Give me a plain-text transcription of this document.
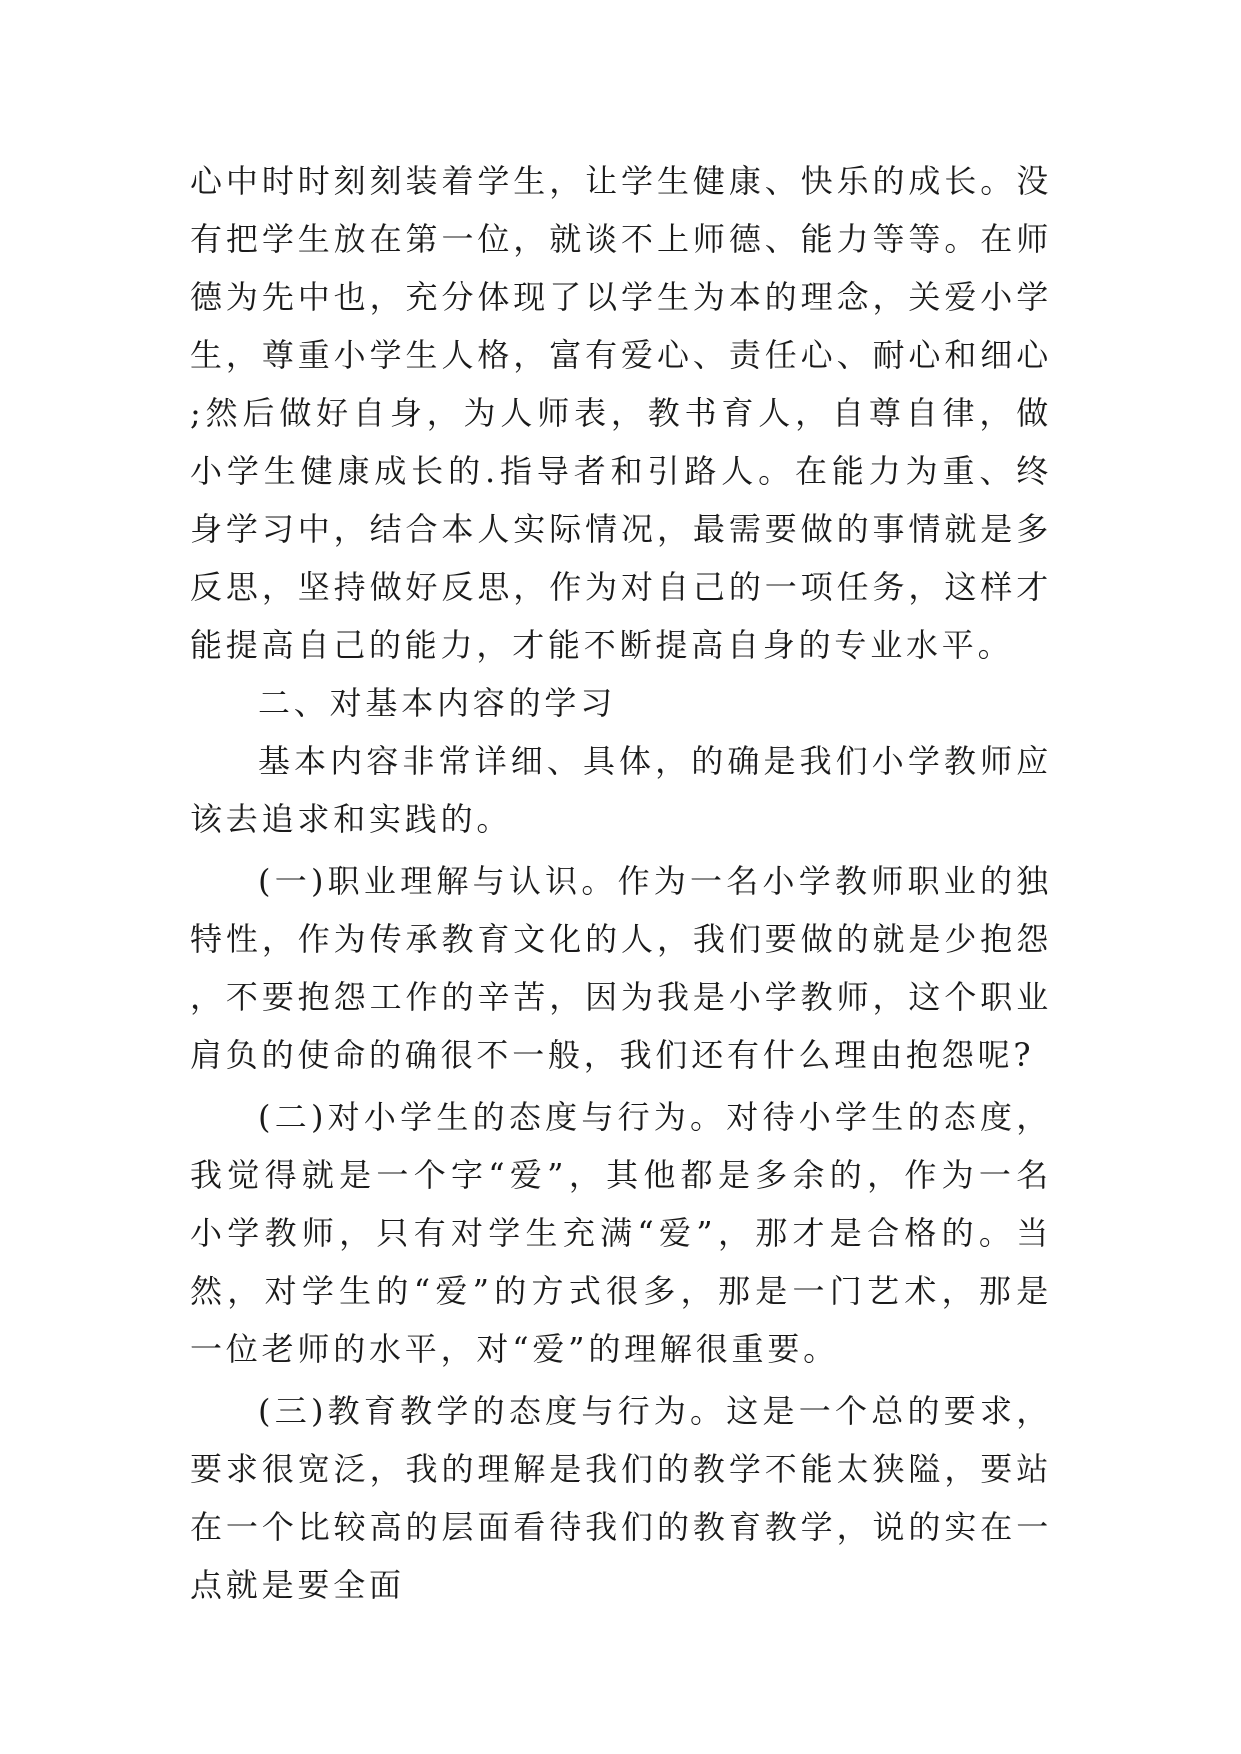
心中时时刻刻装着学生，让学生健康、快乐的成长。没有把学生放在第一位，就谈不上师德、能力等等。在师德为先中也，充分体现了以学生为本的理念，关爱小学生，尊重小学生人格，富有爱心、责任心、耐心和细心;然后做好自身，为人师表，教书育人，自尊自律，做小学生健康成长的.指导者和引路人。在能力为重、终身学习中，结合本人实际情况，最需要做的事情就是多反思，坚持做好反思，作为对自己的一项任务，这样才能提高自己的能力，才能不断提高自身的专业水平。

二、对基本内容的学习

基本内容非常详细、具体，的确是我们小学教师应该去追求和实践的。

(一)职业理解与认识。作为一名小学教师职业的独特性，作为传承教育文化的人，我们要做的就是少抱怨，不要抱怨工作的辛苦，因为我是小学教师，这个职业肩负的使命的确很不一般，我们还有什么理由抱怨呢?

(二)对小学生的态度与行为。对待小学生的态度，我觉得就是一个字“爱”，其他都是多余的，作为一名小学教师，只有对学生充满“爱”，那才是合格的。当然，对学生的“爱”的方式很多，那是一门艺术，那是一位老师的水平，对“爱”的理解很重要。

(三)教育教学的态度与行为。这是一个总的要求，要求很宽泛，我的理解是我们的教学不能太狭隘，要站在一个比较高的层面看待我们的教育教学，说的实在一点就是要全面
